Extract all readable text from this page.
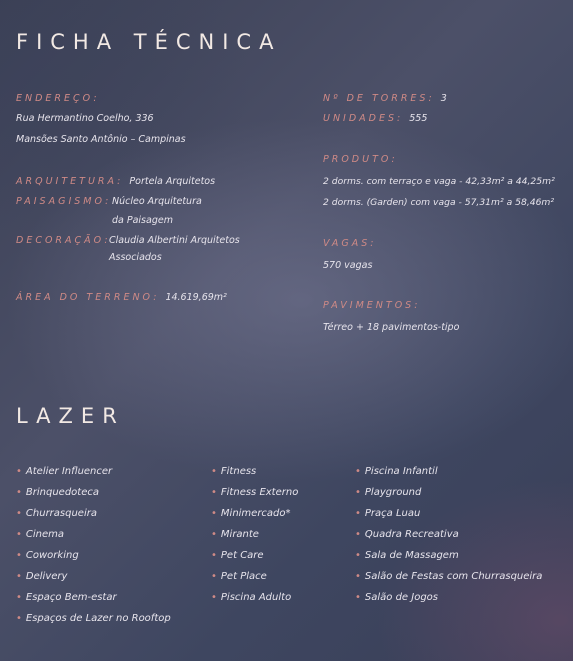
FICHA TÉCNICA
ENDEREÇO:
Rua Hermantino Coelho, 336
Mansões Santo Antônio – Campinas
ARQUITETURA: Portela Arquitetos
PAISAGISMO: Núcleo Arquitetura
da Paisagem
DECORAÇÃO:
Claudia Albertini Arquitetos
Associados
ÁREA DO TERRENO: 14.619,69m²
Nº DE TORRES: 3
UNIDADES: 555
PRODUTO:
2 dorms. com terraço e vaga - 42,33m² a 44,25m²
2 dorms. (Garden) com vaga - 57,31m² a 58,46m²
VAGAS:
570 vagas
PAVIMENTOS:
Térreo + 18 pavimentos-tipo
LAZER
• Atelier Influencer
• Brinquedoteca
• Churrasqueira
• Cinema
• Coworking
• Delivery
• Espaço Bem-estar
• Espaços de Lazer no Rooftop
• Fitness
• Fitness Externo
• Minimercado*
• Mirante
• Pet Care
• Pet Place
• Piscina Adulto
• Piscina Infantil
• Playground
• Praça Luau
• Quadra Recreativa
• Sala de Massagem
• Salão de Festas com Churrasqueira
• Salão de Jogos
